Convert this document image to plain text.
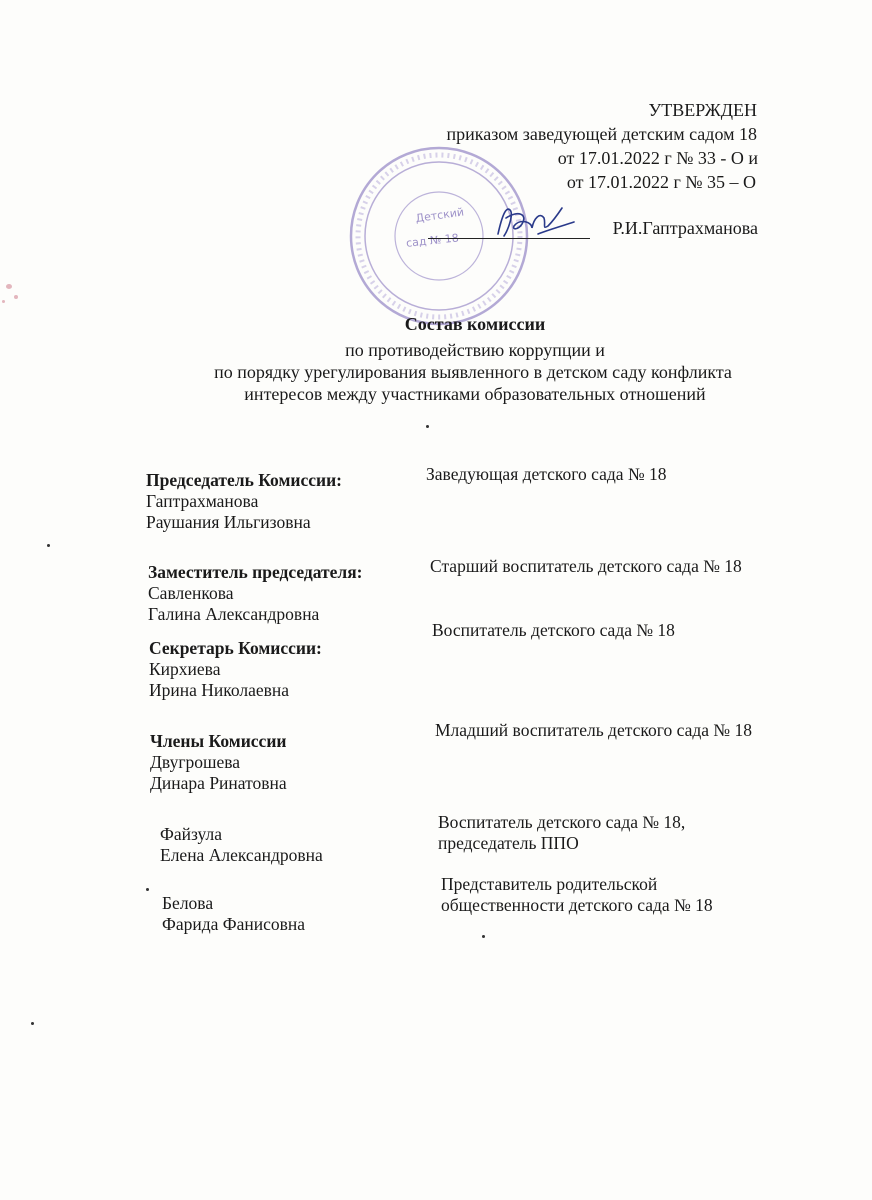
Детский
сад № 18
УТВЕРЖДЕН
приказом заведующей детским садом 18
от 17.01.2022 г № 33 - О и
от 17.01.2022 г № 35 – О
Р.И.Гаптрахманова
Состав комиссии
по противодействию коррупции и
по порядку урегулирования выявленного в детском саду конфликта
интересов между участниками образовательных отношений
Председатель Комиссии:
Гаптрахманова
Раушания Ильгизовна
Заведующая детского сада № 18
Заместитель председателя:
Савленкова
Галина Александровна
Старший воспитатель детского сада № 18
Секретарь Комиссии:
Кирхиева
Ирина Николаевна
Воспитатель детского сада № 18
Члены Комиссии
Двугрошева
Динара Ринатовна
Младший воспитатель детского сада № 18
Файзула
Елена Александровна
Воспитатель детского сада № 18,
председатель ППО
Белова
Фарида Фанисовна
Представитель родительской
общественности детского сада № 18
